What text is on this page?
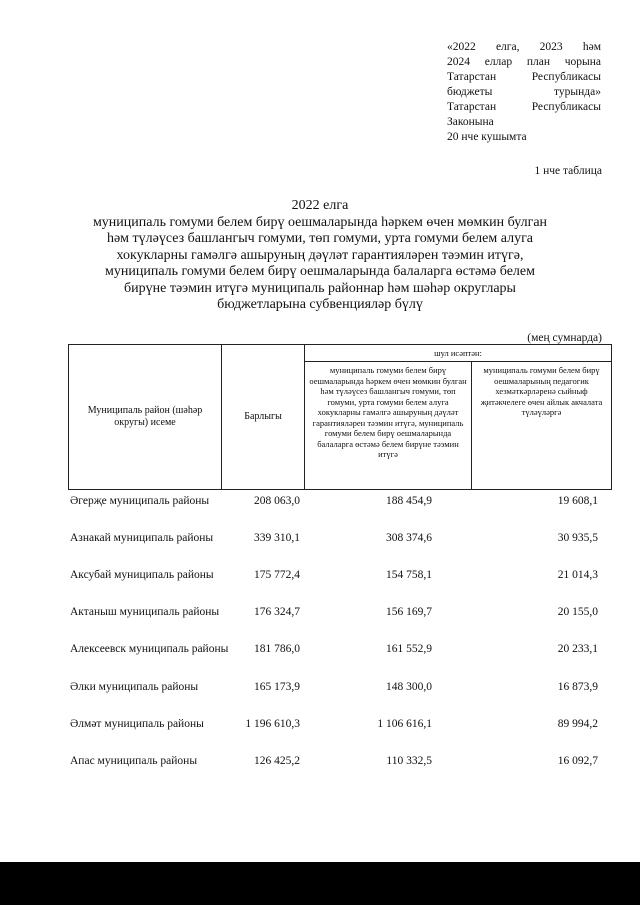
«2022 елга, 2023 һәм
2024 еллар план чорына
Татарстан Республикасы
бюджеты турында»
Татарстан Республикасы
Законына
20 нче кушымта
1 нче таблица
2022 елга
муниципаль гомуми белем бирү оешмаларында һәркем өчен мөмкин булган
һәм түләүсез башлангыч гомуми, төп гомуми, урта гомуми белем алуга
хокукларны гамәлгә ашыруның дәүләт гарантияләрен тәэмин итүгә,
муниципаль гомуми белем бирү оешмаларында балаларга өстәмә белем
бирүне тәэмин итүгә муниципаль районнар һәм шәһәр округлары
бюджетларына субвенцияләр бүлү
(мең сумнарда)
Муниципаль район (шәһәр округы) исеме
Барлыгы
шул исәптән:
муниципаль гомуми белем бирү оешмаларында һәркем өчен мөмкин булган һәм түләүсез башлангыч гомуми, төп гомуми, урта гомуми белем алуга хокукларны гамәлгә ашыруның дәүләт гарантияләрен тәэмин итүгә, муниципаль гомуми белем бирү оешмаларында балаларга өстәмә белем бирүне тәэмин итүгә
муниципаль гомуми белем бирү оешмаларының педагогик хезмәткәрләренә сыйныф җитәкчелеге өчен айлык акчалата түләүләргә
Әгерҗе муниципаль районы	208 063,0	188 454,9	19 608,1
Азнакай муниципаль районы	339 310,1	308 374,6	30 935,5
Аксубай муниципаль районы	175 772,4	154 758,1	21 014,3
Актаныш муниципаль районы	176 324,7	156 169,7	20 155,0
Алексеевск муниципаль районы 181 786,0	161 552,9	20 233,1
Әлки муниципаль районы	165 173,9	148 300,0	16 873,9
Әлмәт муниципаль районы	1 196 610,3	1 106 616,1	89 994,2
Апас муниципаль районы	126 425,2	110 332,5	16 092,7
